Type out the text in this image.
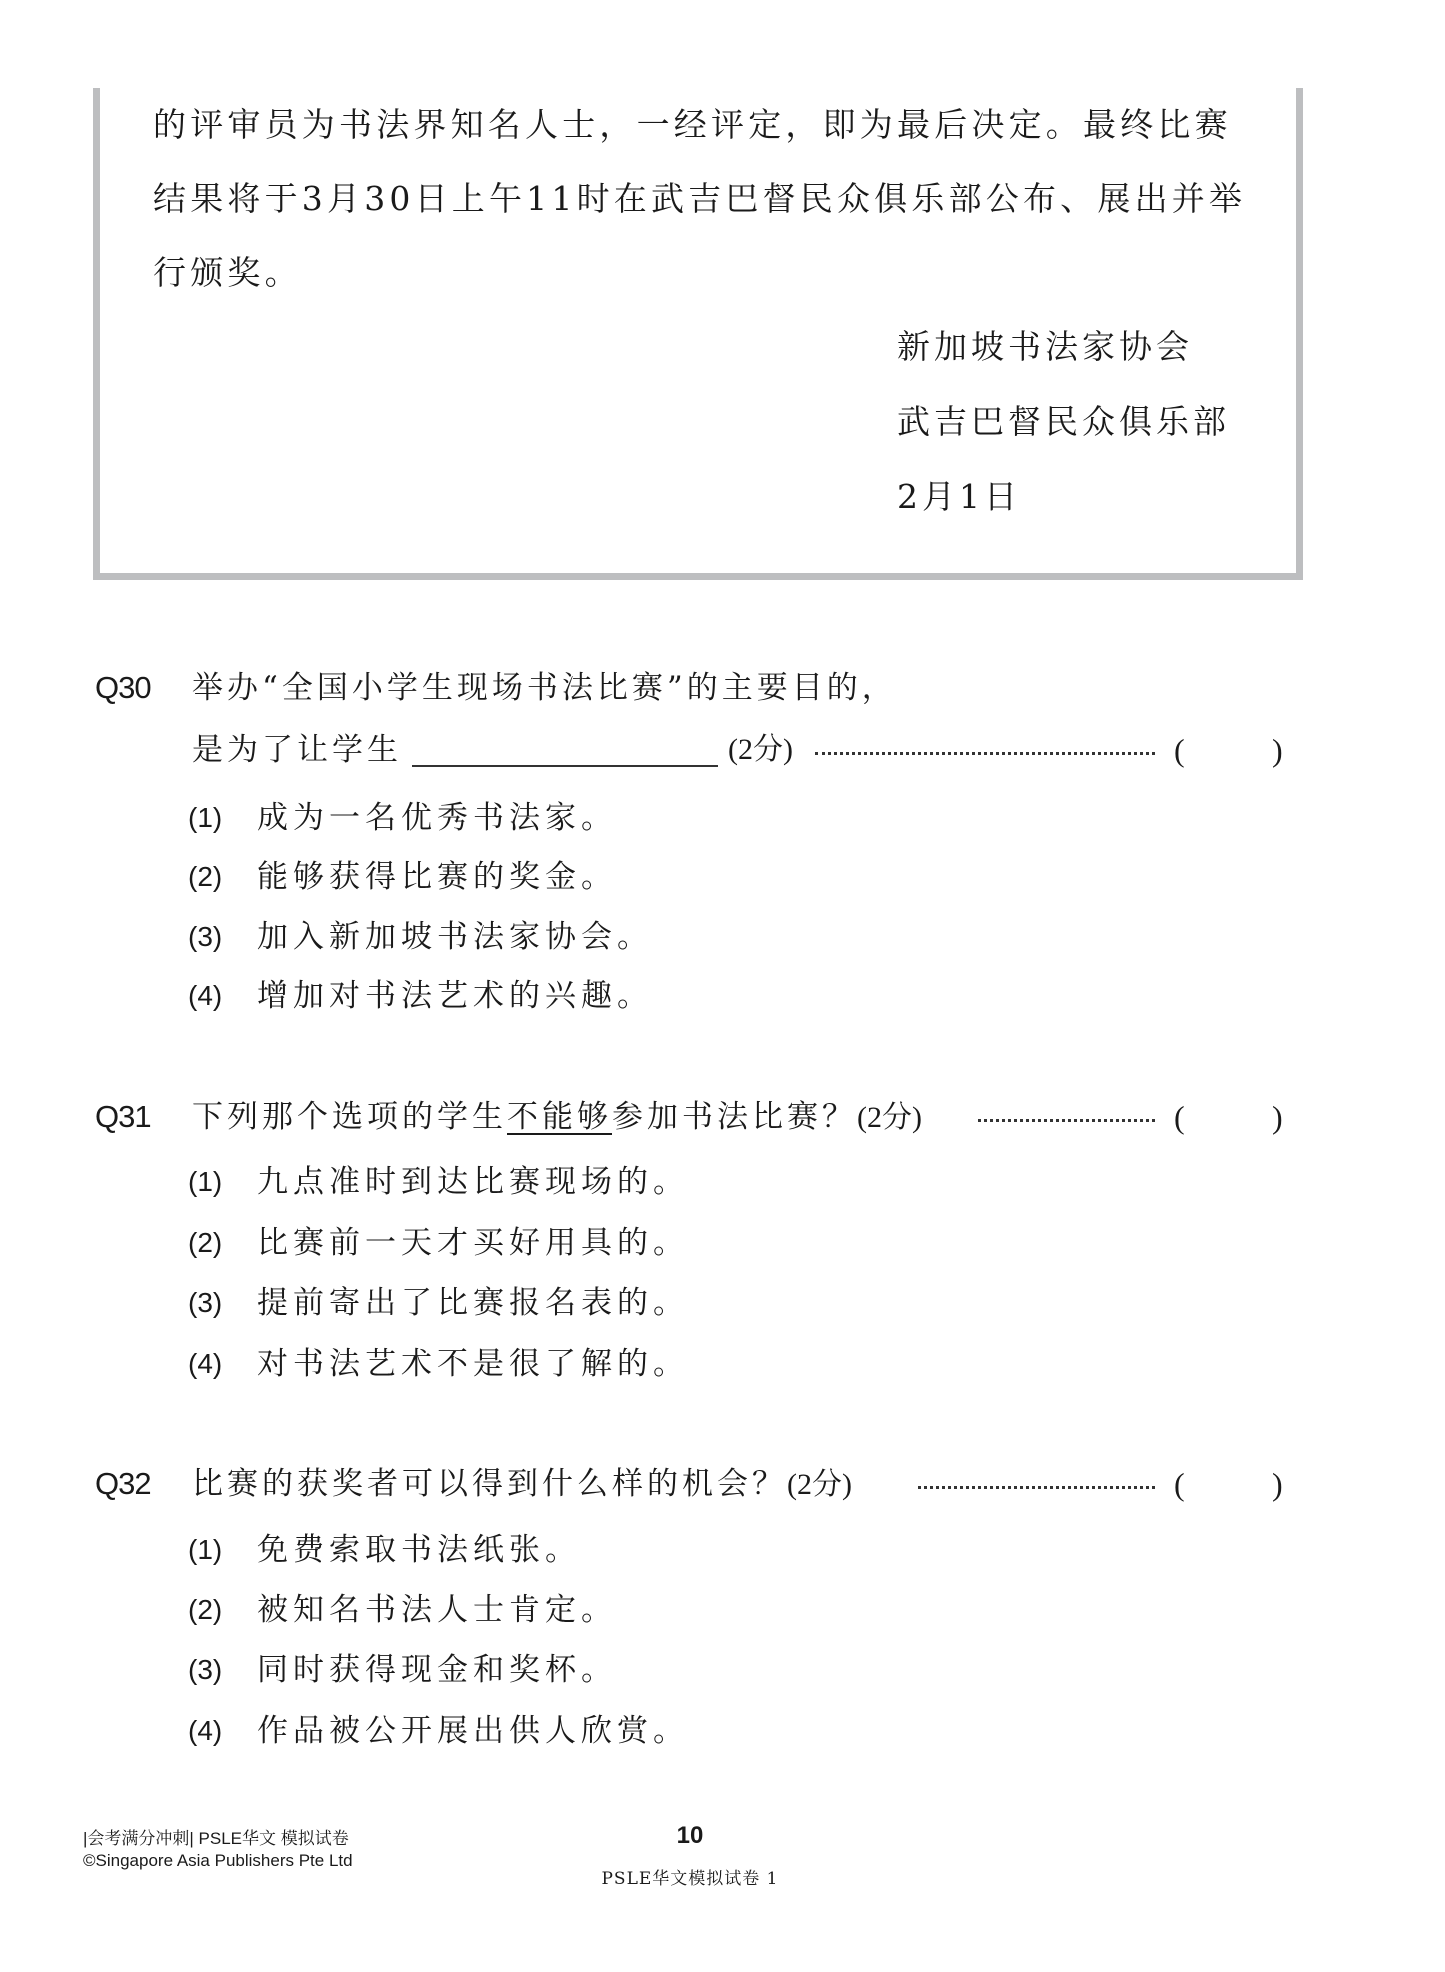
的评审员为书法界知名人士，一经评定，即为最后决定。最终比赛
结果将于3月30日上午11时在武吉巴督民众俱乐部公布、展出并举
行颁奖。
新加坡书法家协会
武吉巴督民众俱乐部
2月1日
Q30 举办“全国小学生现场书法比赛”的主要目的，
是为了让学生	(2分)	(	)
(1) 成为一名优秀书法家。
(2) 能够获得比赛的奖金。
(3) 加入新加坡书法家协会。
(4) 增加对书法艺术的兴趣。
Q31 下列那个选项的学生不能够参加书法比赛？(2分)	(	)
(1) 九点准时到达比赛现场的。
(2) 比赛前一天才买好用具的。
(3) 提前寄出了比赛报名表的。
(4) 对书法艺术不是很了解的。
Q32 比赛的获奖者可以得到什么样的机会？(2分)	(	)
(1) 免费索取书法纸张。
(2) 被知名书法人士肯定。
(3) 同时获得现金和奖杯。
(4) 作品被公开展出供人欣赏。
|会考满分冲刺| PSLE华文 模拟试卷
©Singapore Asia Publishers Pte Ltd
10
PSLE华文模拟试卷 1
